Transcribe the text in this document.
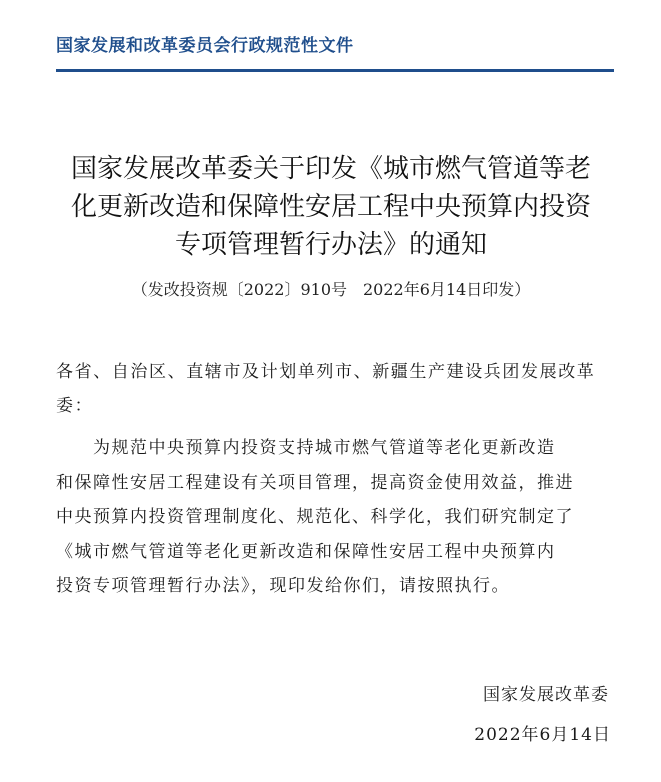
国家发展和改革委员会行政规范性文件
国家发展改革委关于印发《城市燃气管道等老
化更新改造和保障性安居工程中央预算内投资
专项管理暂行办法》的通知
（发改投资规〔2022〕910号　2022年6月14日印发）
各省、自治区、直辖市及计划单列市、新疆生产建设兵团发展改革委：
　　为规范中央预算内投资支持城市燃气管道等老化更新改造
和保障性安居工程建设有关项目管理，提高资金使用效益，推进
中央预算内投资管理制度化、规范化、科学化，我们研究制定了
《城市燃气管道等老化更新改造和保障性安居工程中央预算内
投资专项管理暂行办法》，现印发给你们，请按照执行。
国家发展改革委
2022年6月14日
